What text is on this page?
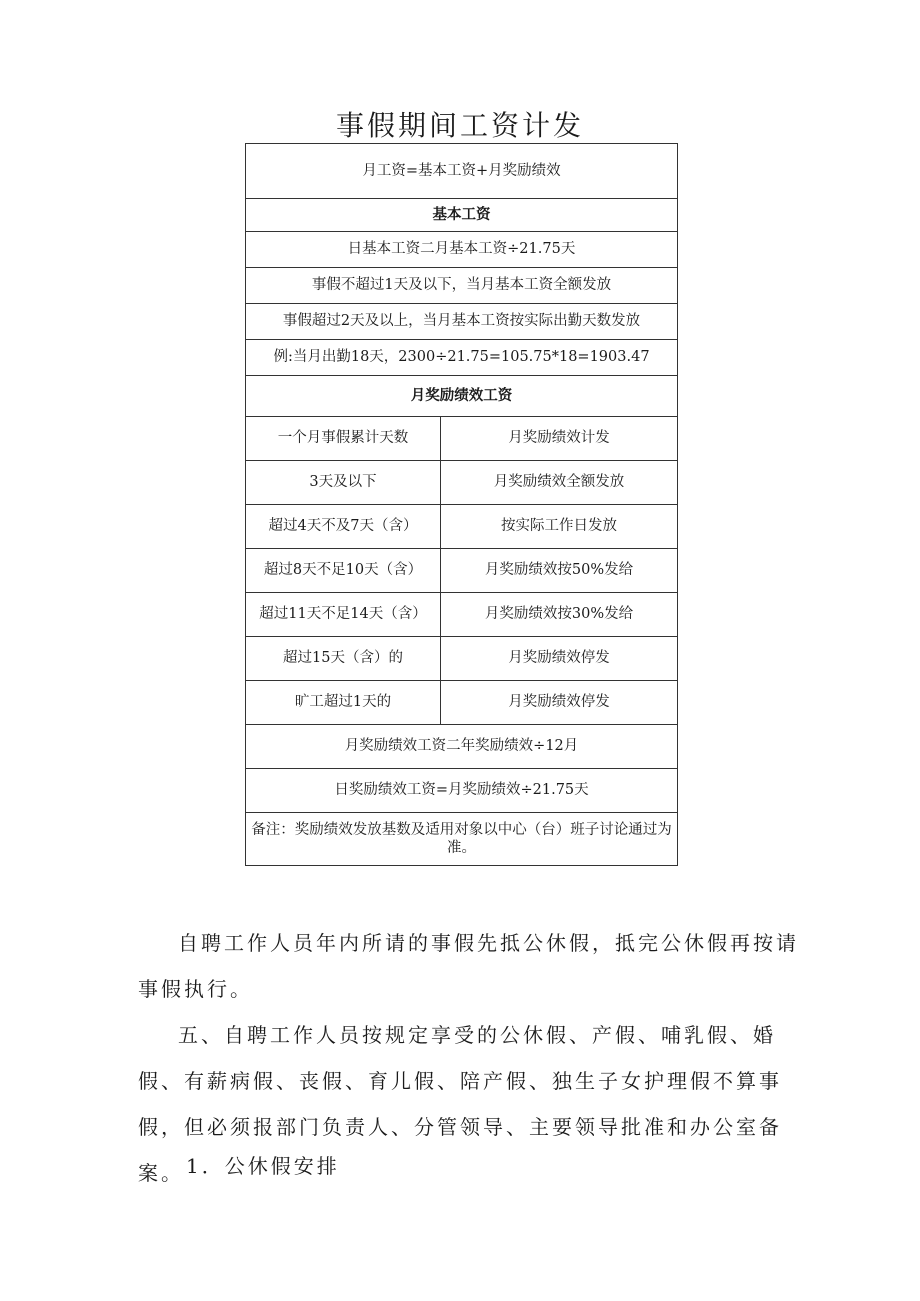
事假期间工资计发
月工资=基本工资+月奖励绩效	
基本工资	
日基本工资二月基本工资÷21.75天	
事假不超过1天及以下，当月基本工资全额发放	
事假超过2天及以上，当月基本工资按实际出勤天数发放	
例:当月出勤18天，2300÷21.75=105.75*18=1903.47	
月奖励绩效工资	
一个月事假累计天数	月奖励绩效计发
3天及以下	月奖励绩效全额发放
超过4天不及7天（含）	按实际工作日发放
超过8天不足10天（含）	月奖励绩效按50%发给
超过11天不足14天（含）	月奖励绩效按30%发给
超过15天（含）的	月奖励绩效停发
旷工超过1天的	月奖励绩效停发
月奖励绩效工资二年奖励绩效÷12月	
日奖励绩效工资=月奖励绩效÷21.75天	
备注：奖励绩效发放基数及适用对象以中心（台）班子讨论通过为准。	

自聘工作人员年内所请的事假先抵公休假，抵完公休假再按请事假执行。

五、自聘工作人员按规定享受的公休假、产假、哺乳假、婚假、有薪病假、丧假、育儿假、陪产假、独生子女护理假不算事假，但必须报部门负责人、分管领导、主要领导批准和办公室备案。 1．公休假安排
